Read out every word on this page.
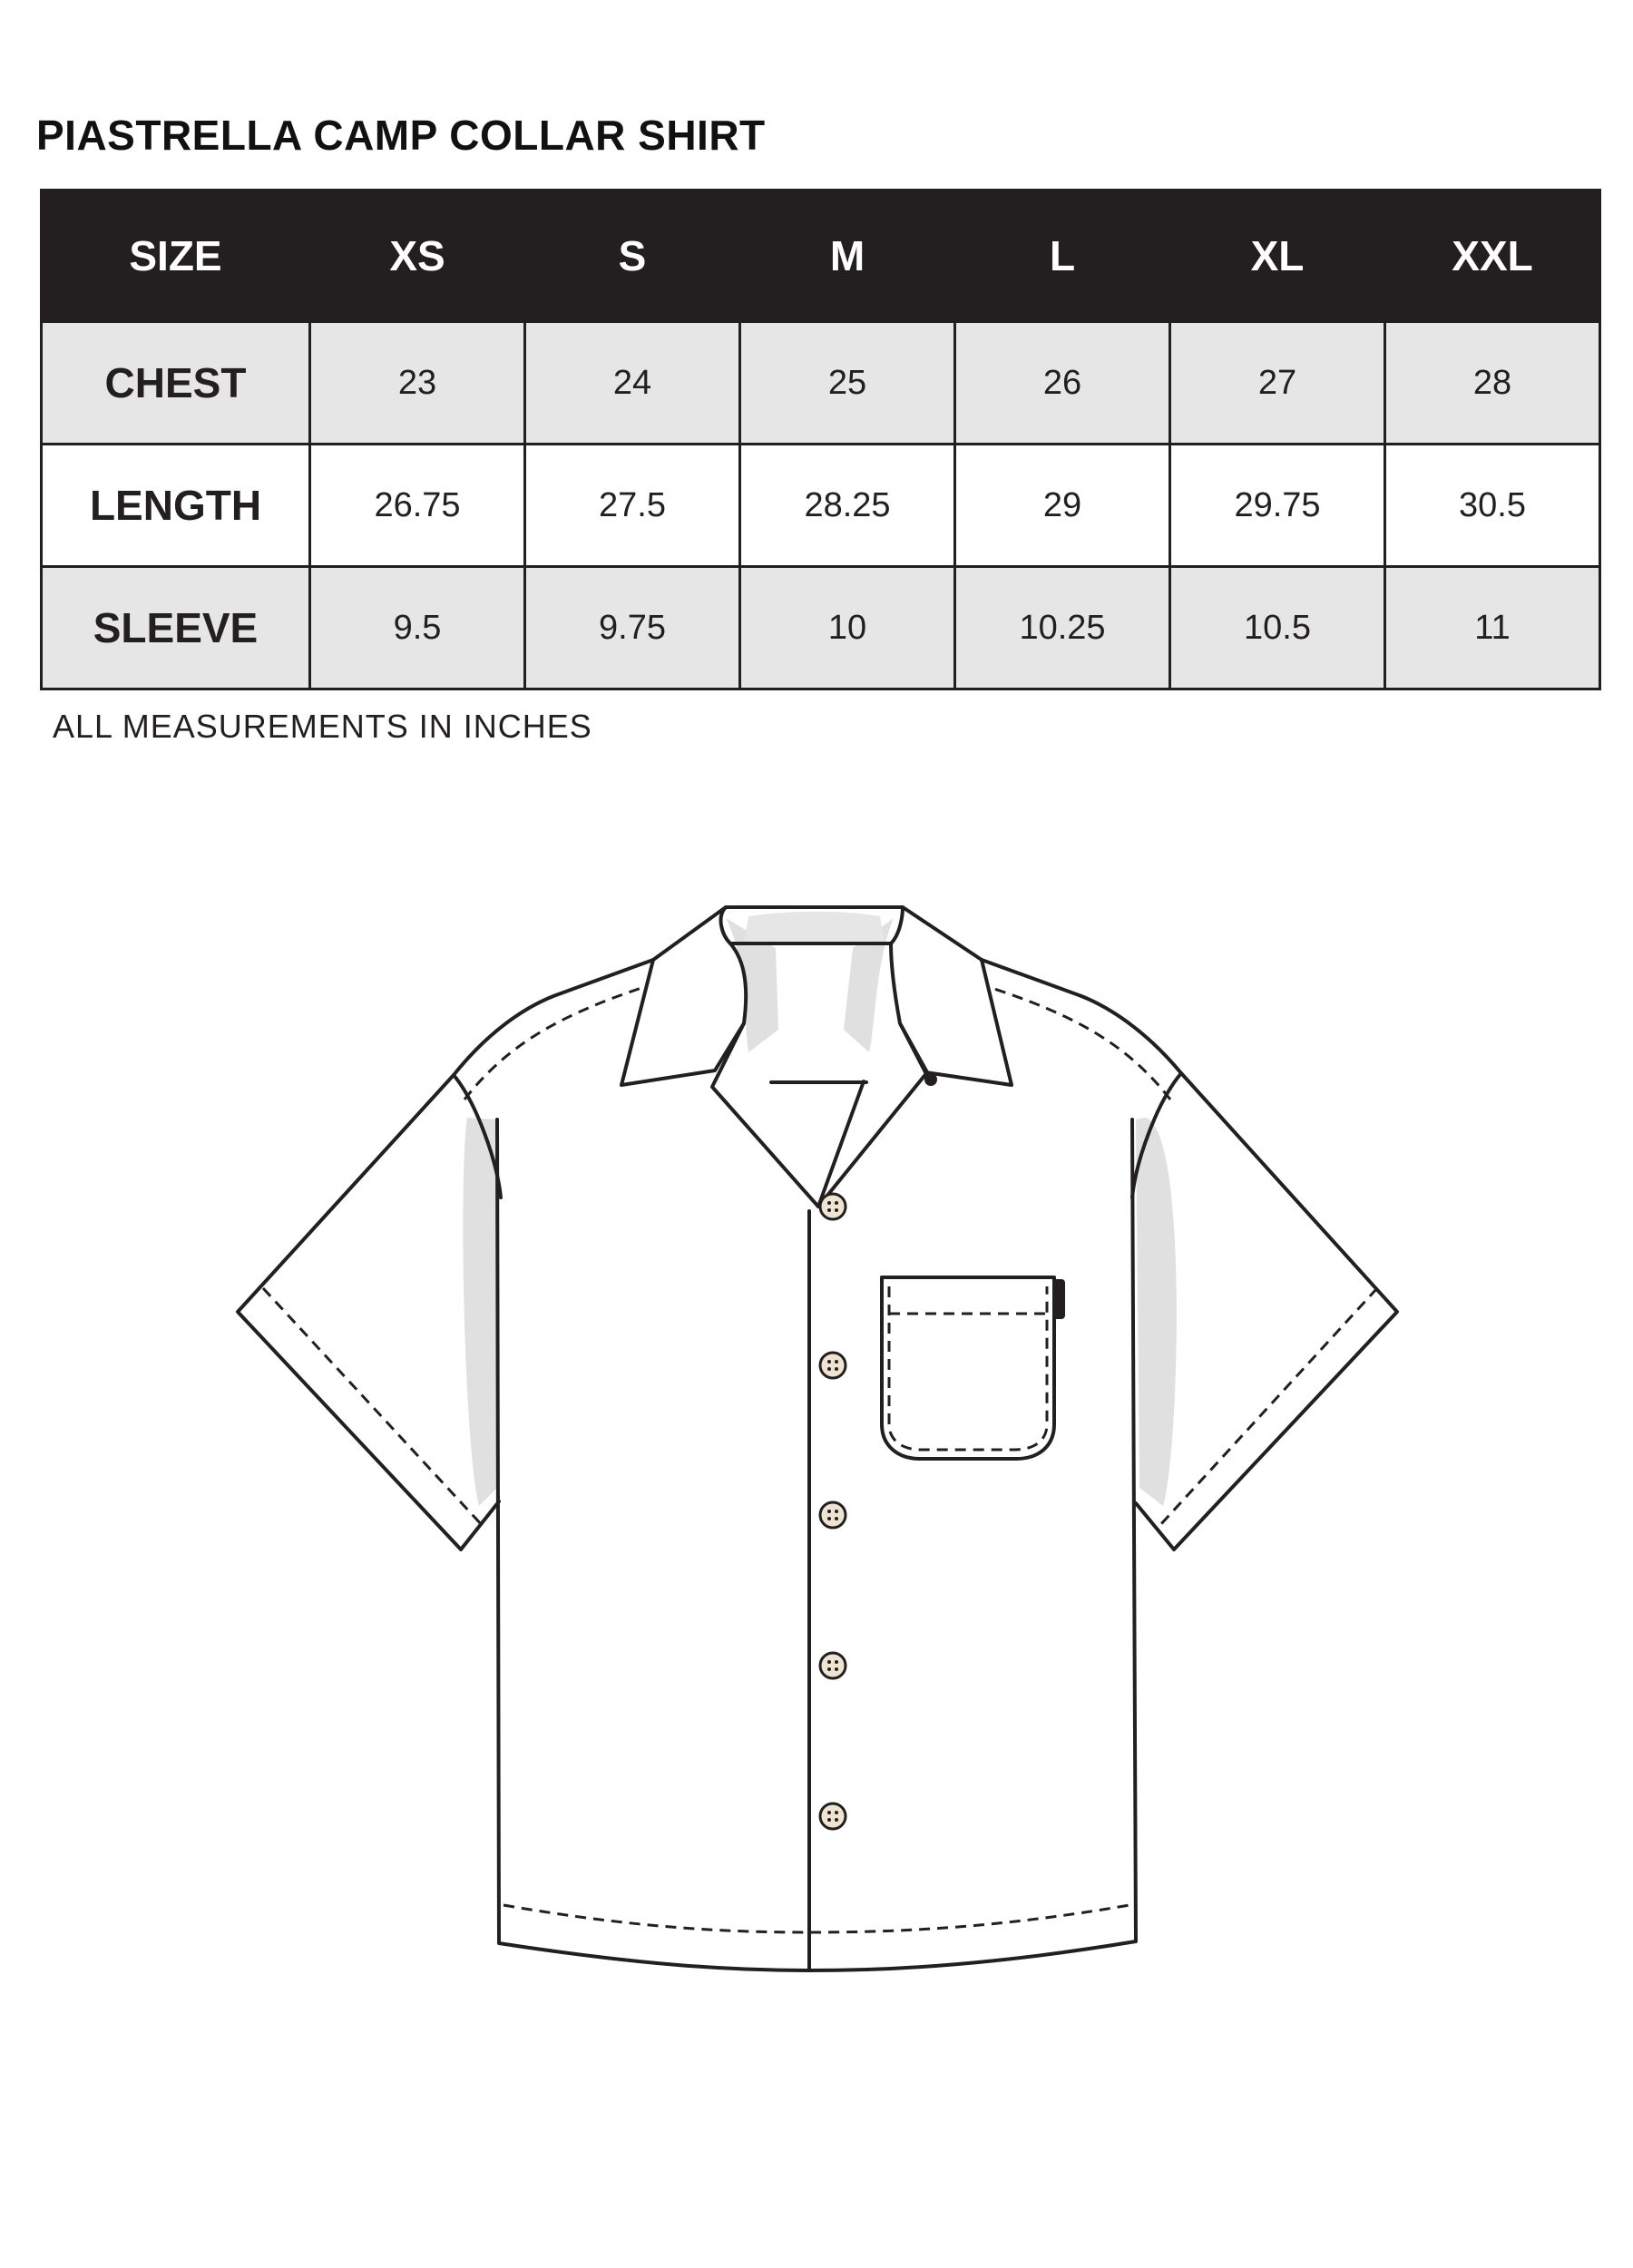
PIASTRELLA CAMP COLLAR SHIRT
SIZE	XS	S	M	L	XL	XXL
CHEST	23	24	25	26	27	28
LENGTH	26.75	27.5	28.25	29	29.75	30.5
SLEEVE	9.5	9.75	10	10.25	10.5	11
ALL MEASUREMENTS IN INCHES
